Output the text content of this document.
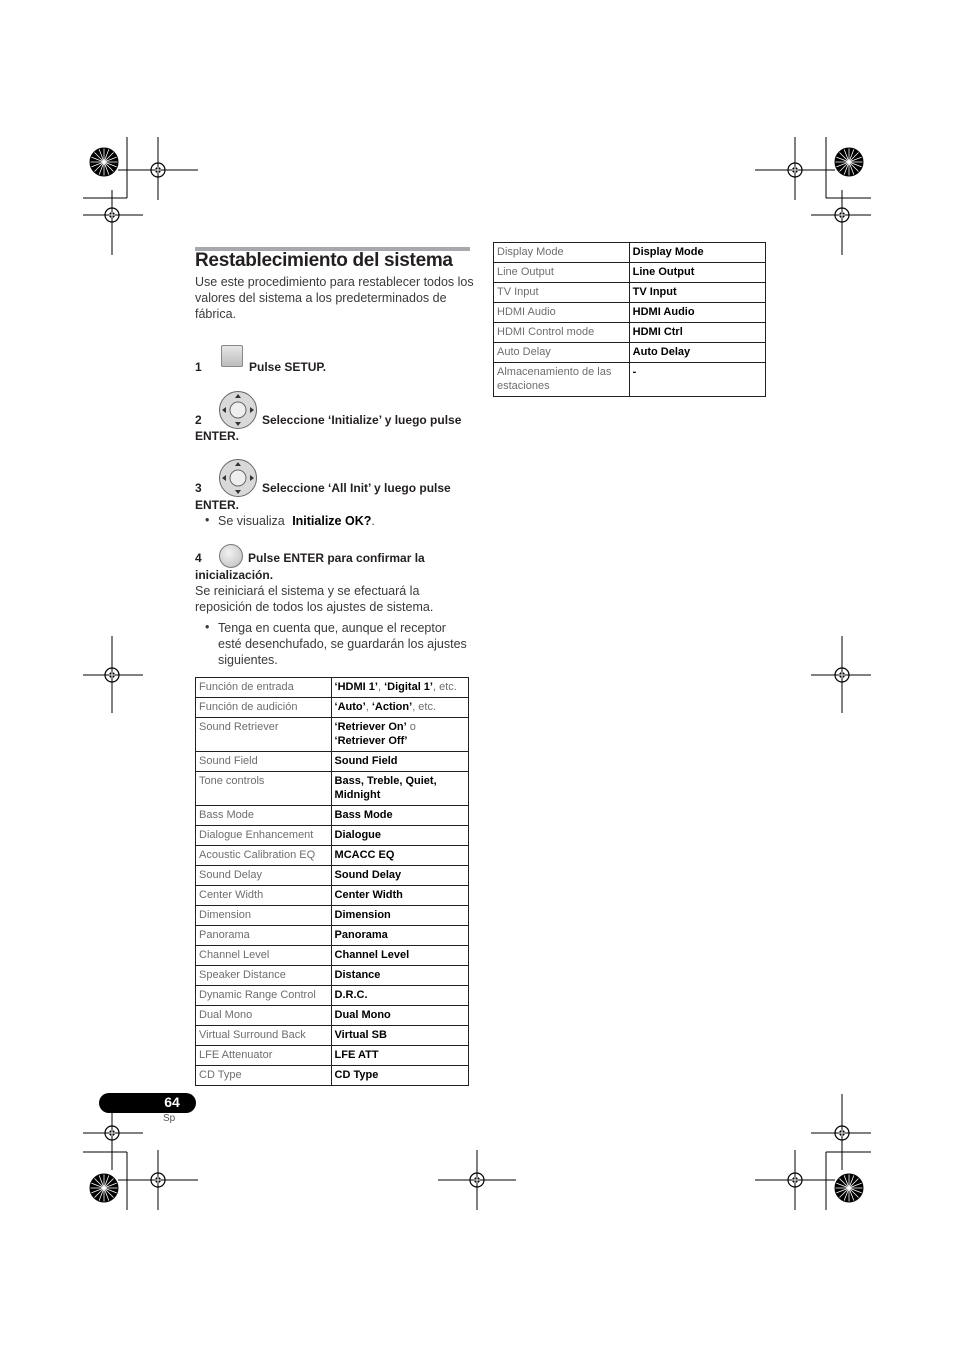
Restablecimiento del sistema

Use este procedimiento para restablecer todos los valores del sistema a los predeterminados de fábrica.

1	Pulse SETUP.
2	Seleccione ‘Initialize’ y luego pulse
ENTER.
3	Seleccione ‘All Init’ y luego pulse
ENTER.
• Se visualiza Initialize OK?.
4	Pulse ENTER para confirmar la
inicialización.
Se reiniciará el sistema y se efectuará la reposición de todos los ajustes de sistema.
• Tenga en cuenta que, aunque el receptor esté desenchufado, se guardarán los ajustes siguientes.
Función de entrada	‘HDMI 1’, ‘Digital 1’, etc.
Función de audición	‘Auto’, ‘Action’, etc.
Sound Retriever	‘Retriever On’ o
‘Retriever Off’
Sound Field	Sound Field
Tone controls	Bass, Treble, Quiet, Midnight
Bass Mode	Bass Mode
Dialogue Enhancement	Dialogue
Acoustic Calibration EQ	MCACC EQ
Sound Delay	Sound Delay
Center Width	Center Width
Dimension	Dimension
Panorama	Panorama
Channel Level	Channel Level
Speaker Distance	Distance
Dynamic Range Control	D.R.C.
Dual Mono	Dual Mono
Virtual Surround Back	Virtual SB
LFE Attenuator	LFE ATT
CD Type	CD Type
Display Mode	Display Mode
Line Output	Line Output
TV Input	TV Input
HDMI Audio	HDMI Audio
HDMI Control mode	HDMI Ctrl
Auto Delay	Auto Delay
Almacenamiento de las estaciones	-
64
Sp
